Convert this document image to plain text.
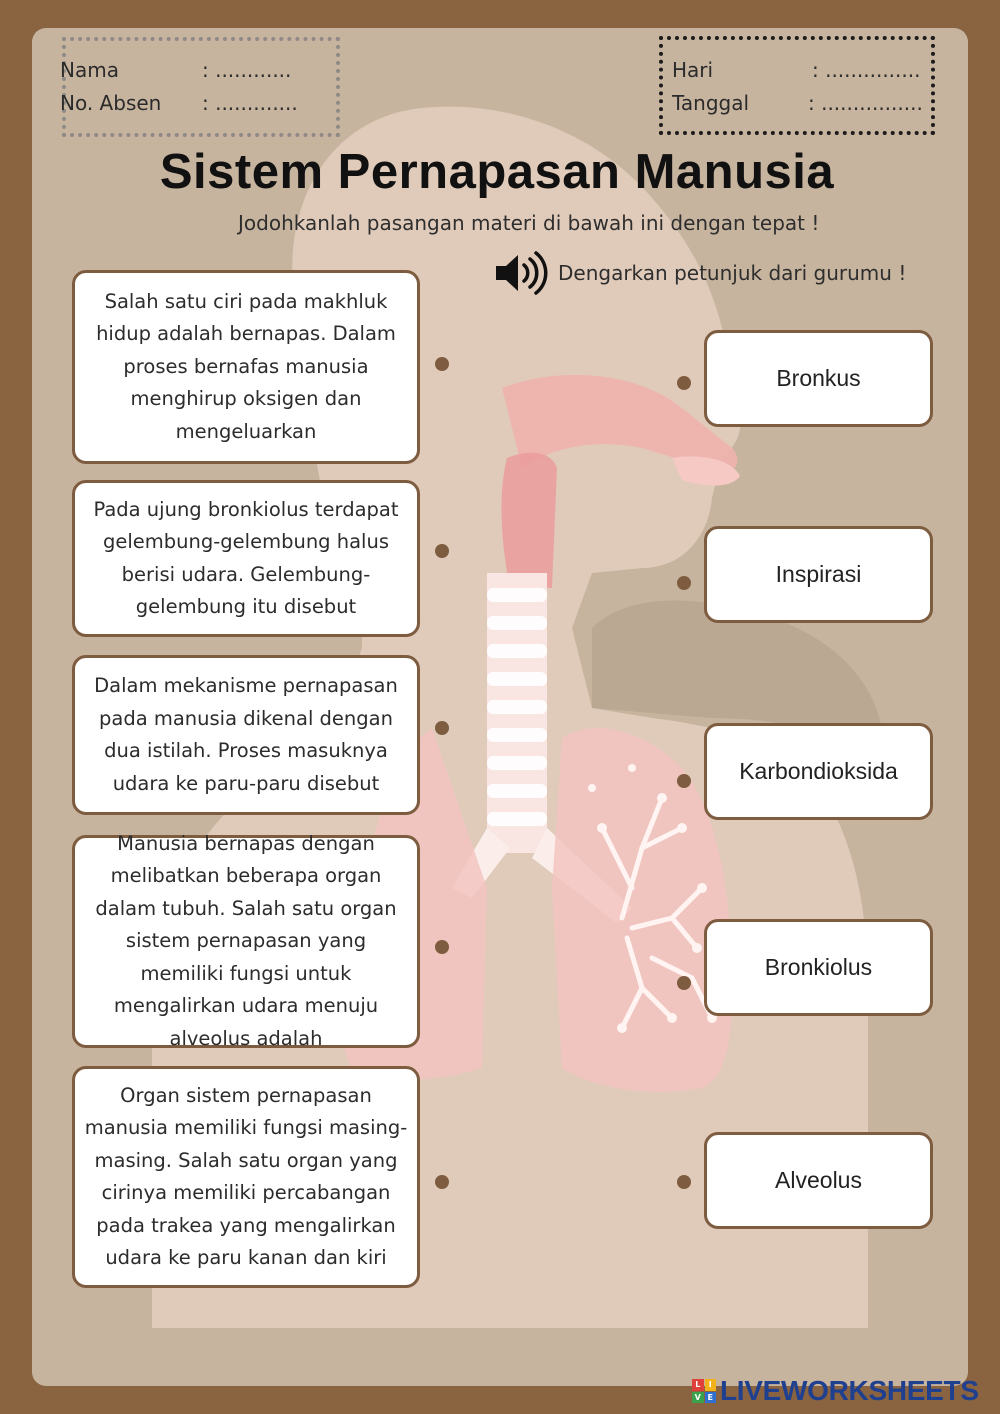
Nama	: ............
No. Absen : .............
Hari	: ...............
Tanggal	: ................
Sistem Pernapasan Manusia
Jodohkanlah pasangan materi di bawah ini dengan tepat !
Dengarkan petunjuk dari gurumu !
Salah satu ciri pada makhluk hidup adalah bernapas. Dalam proses bernafas manusia menghirup oksigen dan mengeluarkan
Pada ujung bronkiolus terdapat gelembung-gelembung halus berisi udara. Gelembung-gelembung itu disebut
Dalam mekanisme pernapasan pada manusia dikenal dengan dua istilah. Proses masuknya udara ke paru-paru disebut
Manusia bernapas dengan melibatkan beberapa organ dalam tubuh. Salah satu organ sistem pernapasan yang memiliki fungsi untuk mengalirkan udara menuju alveolus adalah
Organ sistem pernapasan manusia memiliki fungsi masing-masing. Salah satu organ yang cirinya memiliki percabangan pada trakea yang mengalirkan udara ke paru kanan dan kiri
Bronkus
Inspirasi
Karbondioksida
Bronkiolus
Alveolus
L	I
V E LIVEWORKSHEETS
